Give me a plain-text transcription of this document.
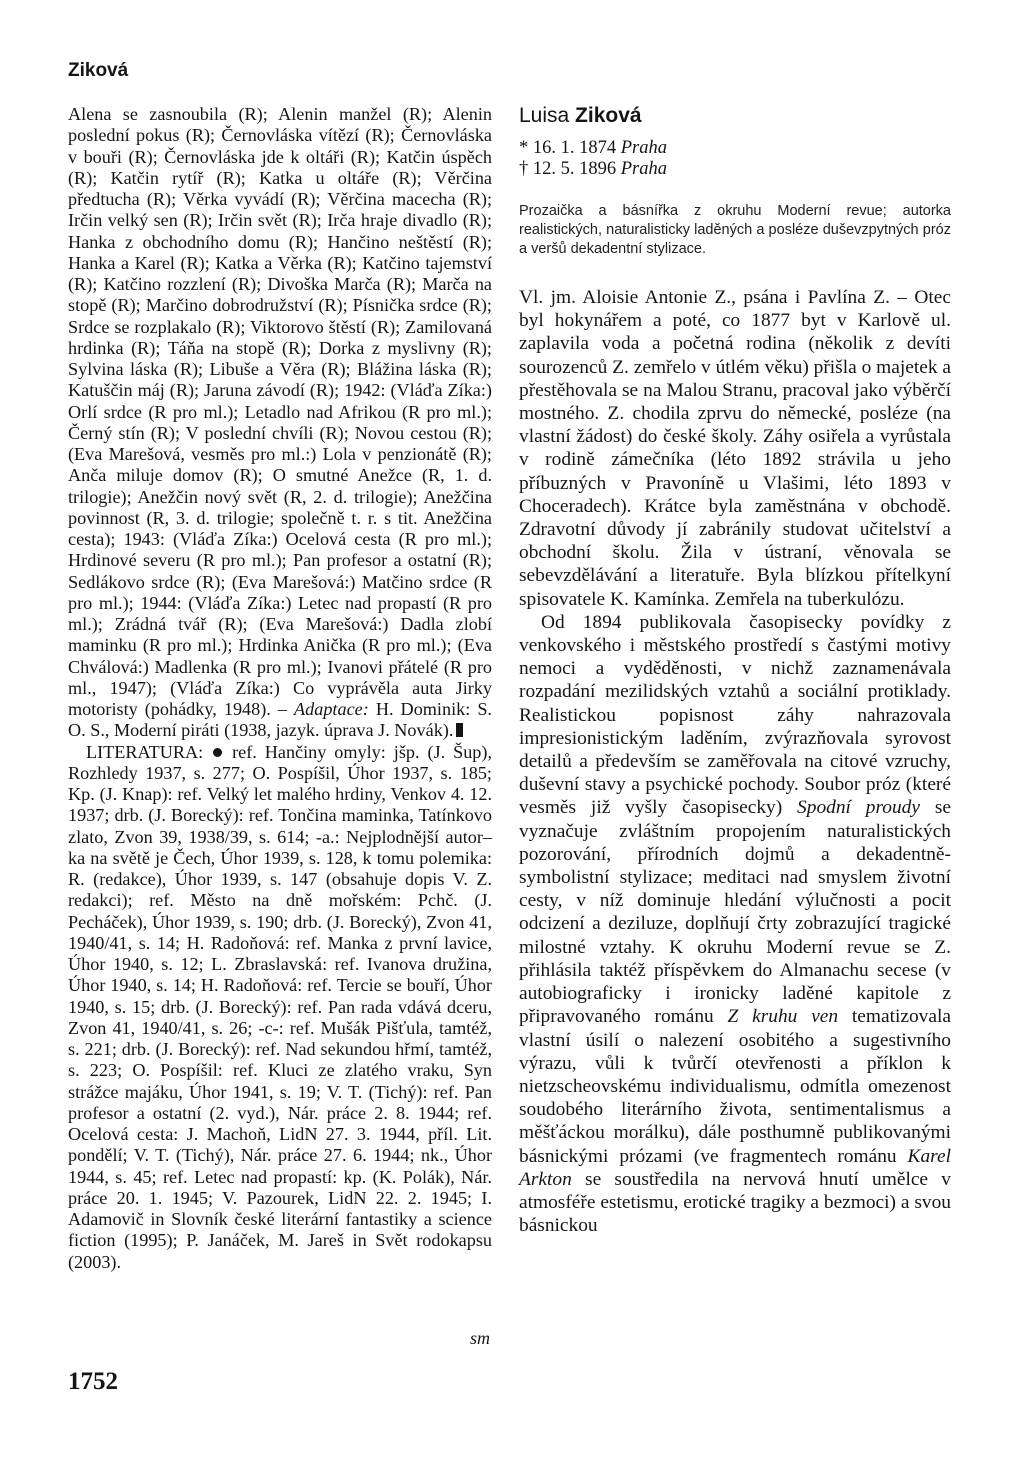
Ziková

Alena se zasnoubila (R); Alenin manžel (R); Alenin poslední pokus (R); Černovláska vítězí (R); Černovláska v bouři (R); Černovláska jde k oltáři (R); Katčin úspěch (R); Katčin rytíř (R); Katka u oltáře (R); Věrčina předtucha (R); Věrka vyvádí (R); Věrčina macecha (R); Irčin velký sen (R); Irčin svět (R); Irča hraje divadlo (R); Hanka z obchodního domu (R); Hančino neštěstí (R); Hanka a Karel (R); Katka a Věrka (R); Katčino tajemství (R); Katčino rozzlení (R); Divoška Marča (R); Marča na stopě (R); Marčino dobrodružství (R); Písnička srdce (R); Srdce se rozplakalo (R); Viktorovo štěstí (R); Zamilovaná hrdinka (R); Táňa na stopě (R); Dorka z myslivny (R); Sylvina láska (R); Libuše a Věra (R); Blážina láska (R); Katuščin máj (R); Jaruna závodí (R); 1942: (Vláďa Zíka:) Orlí srdce (R pro ml.); Letadlo nad Afrikou (R pro ml.); Černý stín (R); V poslední chvíli (R); Novou cestou (R); (Eva Marešová, vesměs pro ml.:) Lola v penzionátě (R); Anča miluje domov (R); O smutné Anežce (R, 1. d. trilogie); Anežčin nový svět (R, 2. d. trilogie); Anežčina povinnost (R, 3. d. trilogie; společně t. r. s tit. Anežčina cesta); 1943: (Vláďa Zíka:) Ocelová cesta (R pro ml.); Hrdinové severu (R pro ml.); Pan profesor a ostatní (R); Sedlákovo srdce (R); (Eva Marešová:) Matčino srdce (R pro ml.); 1944: (Vláďa Zíka:) Letec nad propastí (R pro ml.); Zrádná tvář (R); (Eva Marešová:) Dadla zlobí maminku (R pro ml.); Hrdinka Anička (R pro ml.); (Eva Chválová:) Madlenka (R pro ml.); Ivanovi přátelé (R pro ml., 1947); (Vláďa Zíka:) Co vyprávěla auta Jirky motoristy (pohádky, 1948). – Adaptace: H. Dominik: S. O. S., Moderní piráti (1938, jazyk. úprava J. Novák).

LITERATURA: ref. Hančiny omyly: jšp. (J. Šup), Rozhledy 1937, s. 277; O. Pospíšil, Úhor 1937, s. 185; Kp. (J. Knap): ref. Velký let malého hrdiny, Venkov 4. 12. 1937; drb. (J. Borecký): ref. Tončina maminka, Tatínkovo zlato, Zvon 39, 1938/39, s. 614; -a.: Nejplodnější autor–ka na světě je Čech, Úhor 1939, s. 128, k tomu polemika: R. (redakce), Úhor 1939, s. 147 (obsahuje dopis V. Z. redakci); ref. Město na dně mořském: Pchč. (J. Pecháček), Úhor 1939, s. 190; drb. (J. Borecký), Zvon 41, 1940/41, s. 14; H. Radoňová: ref. Manka z první lavice, Úhor 1940, s. 12; L. Zbraslavská: ref. Ivanova družina, Úhor 1940, s. 14; H. Radoňová: ref. Tercie se bouří, Úhor 1940, s. 15; drb. (J. Borecký): ref. Pan rada vdává dceru, Zvon 41, 1940/41, s. 26; -c-: ref. Mušák Pišťula, tamtéž, s. 221; drb. (J. Borecký): ref. Nad sekundou hřmí, tamtéž, s. 223; O. Pospíšil: ref. Kluci ze zlatého vraku, Syn strážce majáku, Úhor 1941, s. 19; V. T. (Tichý): ref. Pan profesor a ostatní (2. vyd.), Nár. práce 2. 8. 1944; ref. Ocelová cesta: J. Machoň, LidN 27. 3. 1944, příl. Lit. pondělí; V. T. (Tichý), Nár. práce 27. 6. 1944; nk., Úhor 1944, s. 45; ref. Letec nad propastí: kp. (K. Polák), Nár. práce 20. 1. 1945; V. Pazourek, LidN 22. 2. 1945; I. Adamovič in Slovník české literární fantastiky a science fiction (1995); P. Janáček, M. Jareš in Svět rodokapsu (2003).

sm
Luisa Ziková

* 16. 1. 1874 Praha

† 12. 5. 1896 Praha

Prozaička a básnířka z okruhu Moderní revue; autorka realistických, naturalisticky laděných a posléze duševzpytných próz a veršů dekadentní stylizace.

Vl. jm. Aloisie Antonie Z., psána i Pavlína Z. – Otec byl hokynářem a poté, co 1877 byt v Karlově ul. zaplavila voda a početná rodina (několik z devíti sourozenců Z. zemřelo v útlém věku) přišla o majetek a přestěhovala se na Malou Stranu, pracoval jako výběrčí mostného. Z. chodila zprvu do německé, posléze (na vlastní žádost) do české školy. Záhy osiřela a vyrůstala v rodině zámečníka (léto 1892 strávila u jeho příbuzných v Pravoníně u Vlašimi, léto 1893 v Choceradech). Krátce byla zaměstnána v obchodě. Zdravotní důvody jí zabránily studovat učitelství a obchodní školu. Žila v ústraní, věnovala se sebevzdělávání a literatuře. Byla blízkou přítelkyní spisovatele K. Kamínka. Zemřela na tuberkulózu.

Od 1894 publikovala časopisecky povídky z venkovského i městského prostředí s častými motivy nemoci a vyděděnosti, v nichž zaznamenávala rozpadání mezilidských vztahů a sociální protiklady. Realistickou popisnost záhy nahrazovala impresionistickým laděním, zvýrazňovala syrovost detailů a především se zaměřovala na citové vzruchy, duševní stavy a psychické pochody. Soubor próz (které vesměs již vyšly časopisecky) Spodní proudy se vyznačuje zvláštním propojením naturalistických pozorování, přírodních dojmů a dekadentně-symbolistní stylizace; meditaci nad smyslem životní cesty, v níž dominuje hledání výlučnosti a pocit odcizení a deziluze, doplňují črty zobrazující tragické milostné vztahy. K okruhu Moderní revue se Z. přihlásila taktéž příspěvkem do Almanachu secese (v autobiograficky i ironicky laděné kapitole z připravovaného románu Z kruhu ven tematizovala vlastní úsilí o nalezení osobitého a sugestivního výrazu, vůli k tvůrčí otevřenosti a příklon k nietzscheovskému individualismu, odmítla omezenost soudobého literárního života, sentimentalismus a měšťáckou morálku), dále posthumně publikovanými básnickými prózami (ve fragmentech románu Karel Arkton se soustředila na nervová hnutí umělce v atmosféře estetismu, erotické tragiky a bezmoci) a svou básnickou

1752
